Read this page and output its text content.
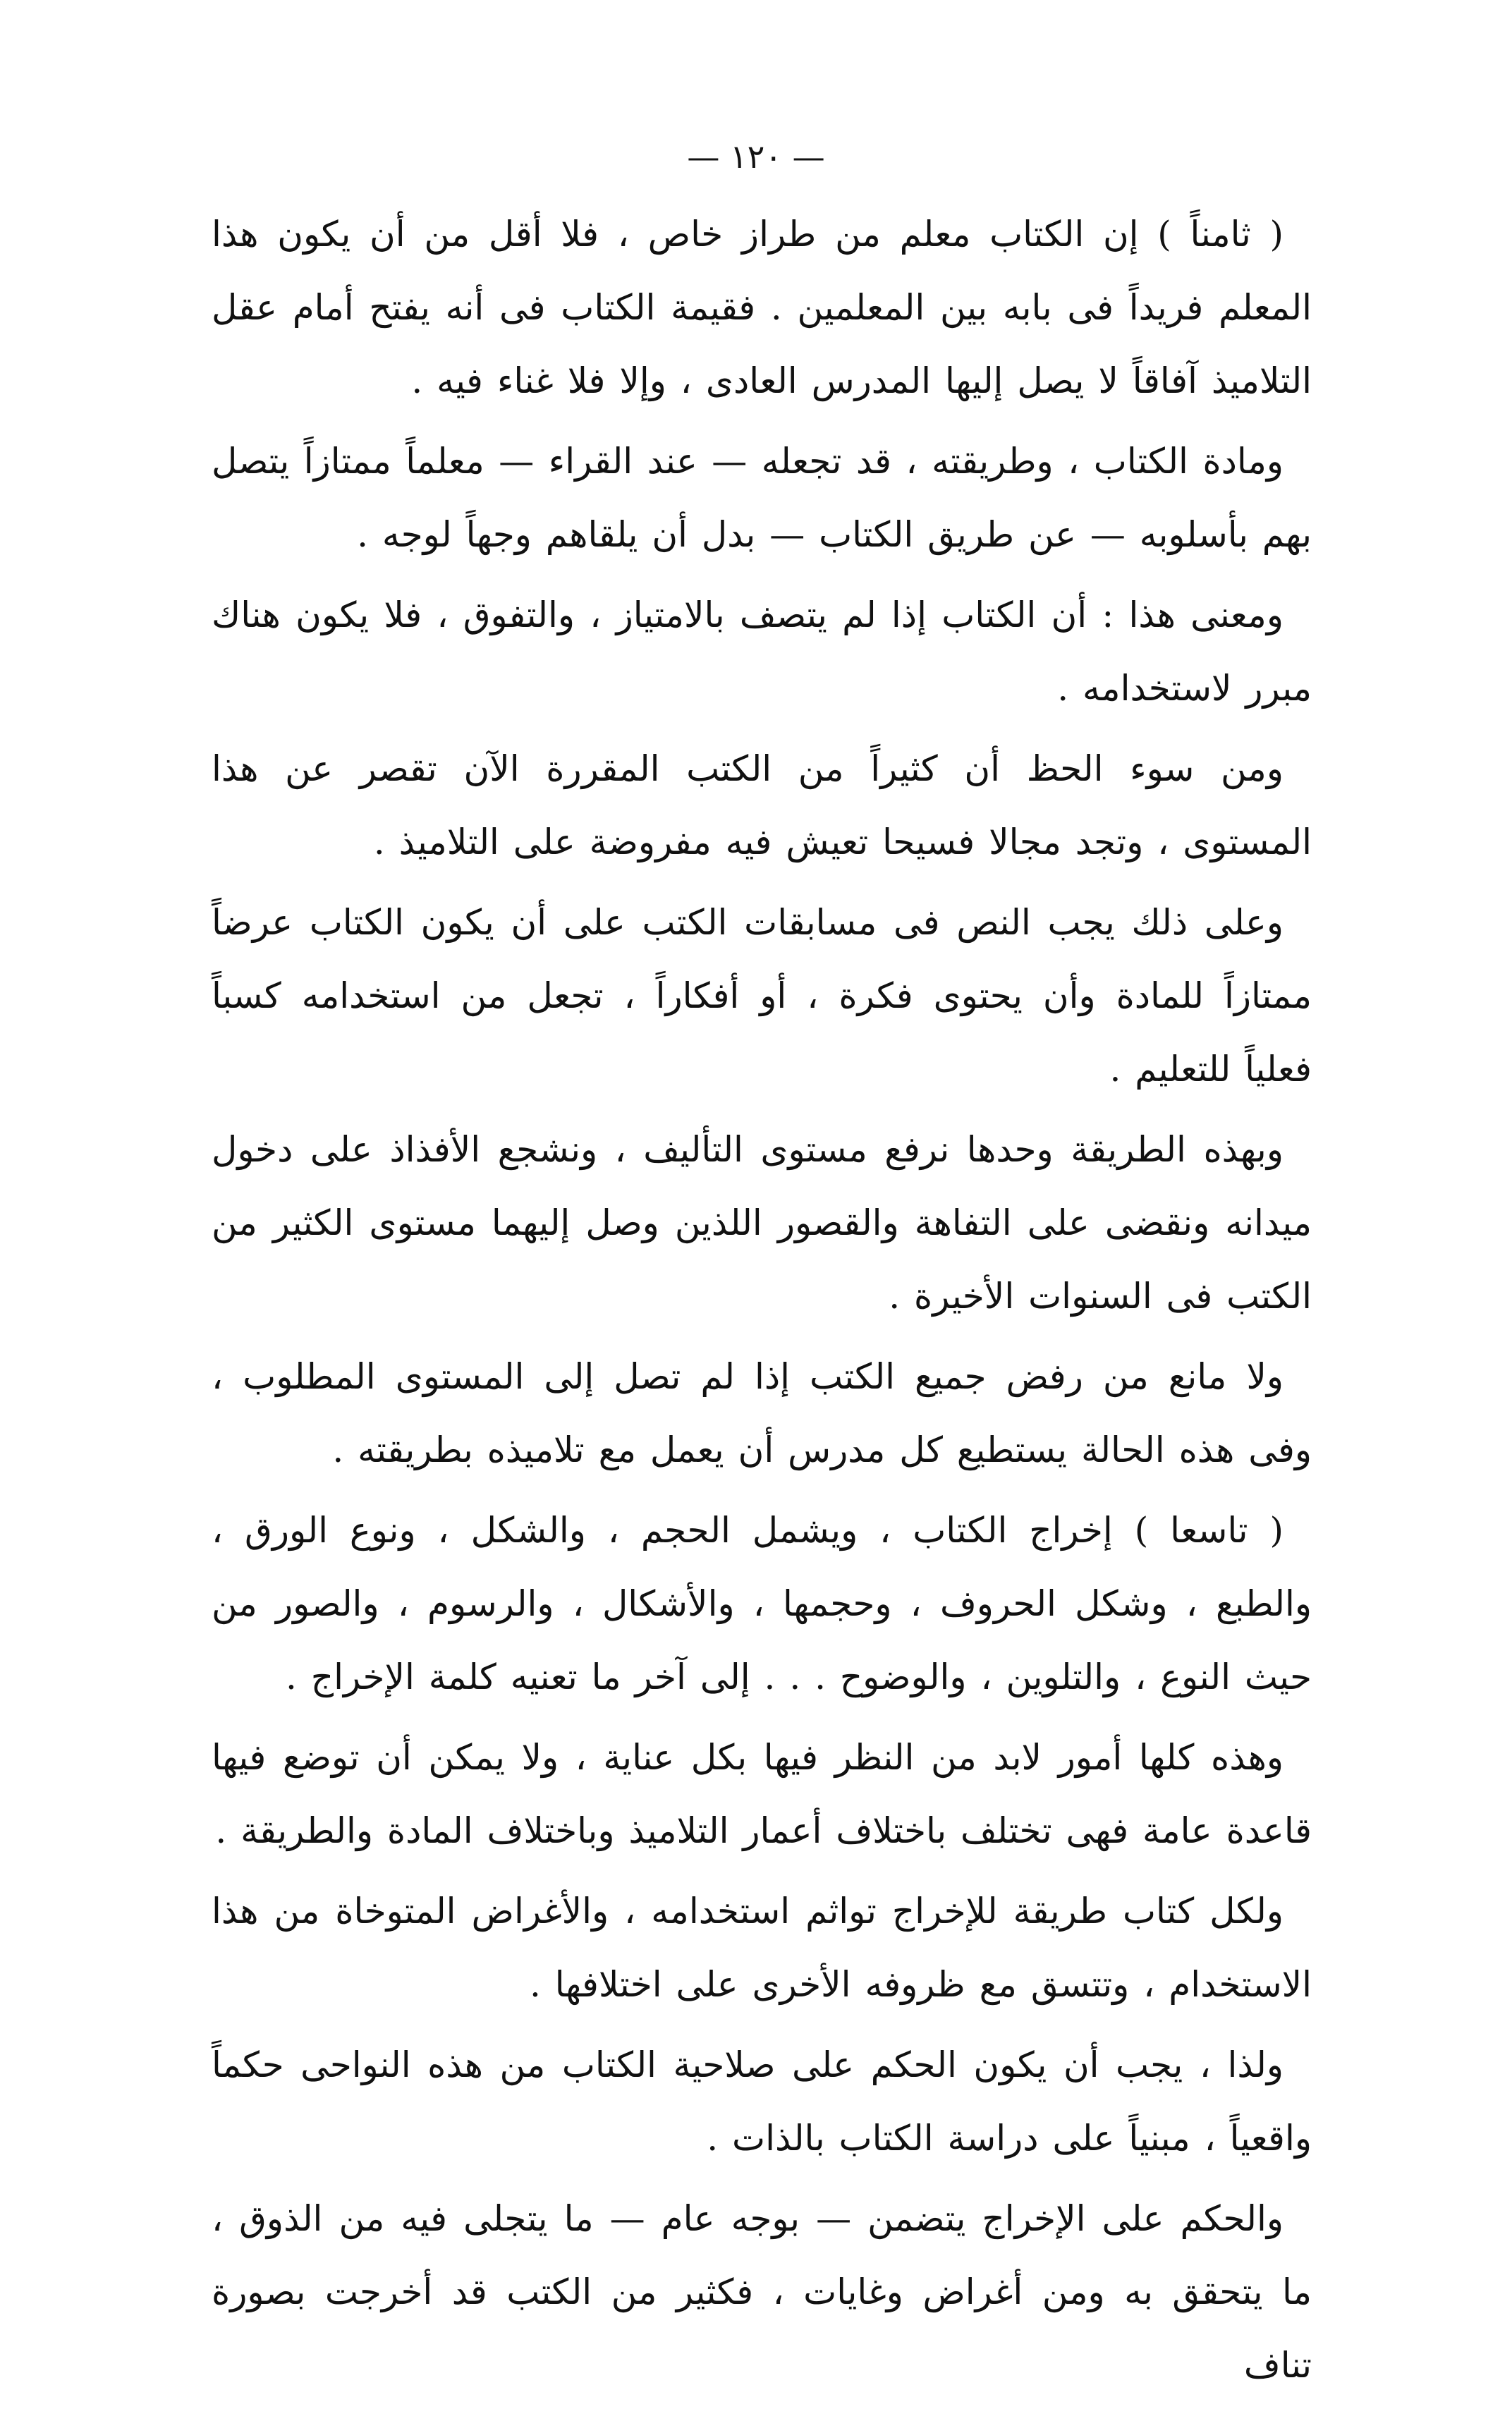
— ١٢٠ —

( ثامناً ) إن الكتاب معلم من طراز خاص ، فلا أقل من أن يكون هذا المعلم فريداً فى بابه بين المعلمين . فقيمة الكتاب فى أنه يفتح أمام عقل التلاميذ آفاقاً لا يصل إليها المدرس العادى ، وإلا فلا غناء فيه .

ومادة الكتاب ، وطريقته ، قد تجعله — عند القراء — معلماً ممتازاً يتصل بهم بأسلوبه — عن طريق الكتاب — بدل أن يلقاهم وجهاً لوجه .

ومعنى هذا : أن الكتاب إذا لم يتصف بالامتياز ، والتفوق ، فلا يكون هناك مبرر لاستخدامه .

ومن سوء الحظ أن كثيراً من الكتب المقررة الآن تقصر عن هذا المستوى ، وتجد مجالا فسيحا تعيش فيه مفروضة على التلاميذ .

وعلى ذلك يجب النص فى مسابقات الكتب على أن يكون الكتاب عرضاً ممتازاً للمادة وأن يحتوى فكرة ، أو أفكاراً ، تجعل من استخدامه كسباً فعلياً للتعليم .

وبهذه الطريقة وحدها نرفع مستوى التأليف ، ونشجع الأفذاذ على دخول ميدانه ونقضى على التفاهة والقصور اللذين وصل إليهما مستوى الكثير من الكتب فى السنوات الأخيرة .

ولا مانع من رفض جميع الكتب إذا لم تصل إلى المستوى المطلوب ، وفى هذه الحالة يستطيع كل مدرس أن يعمل مع تلاميذه بطريقته .

( تاسعا ) إخراج الكتاب ، ويشمل الحجم ، والشكل ، ونوع الورق ، والطبع ، وشكل الحروف ، وحجمها ، والأشكال ، والرسوم ، والصور من حيث النوع ، والتلوين ، والوضوح . . . إلى آخر ما تعنيه كلمة الإخراج .

وهذه كلها أمور لابد من النظر فيها بكل عناية ، ولا يمكن أن توضع فيها قاعدة عامة فهى تختلف باختلاف أعمار التلاميذ وباختلاف المادة والطريقة .

ولكل كتاب طريقة للإخراج تواثم استخدامه ، والأغراض المتوخاة من هذا الاستخدام ، وتتسق مع ظروفه الأخرى على اختلافها .

ولذا ، يجب أن يكون الحكم على صلاحية الكتاب من هذه النواحى حكماً واقعياً ، مبنياً على دراسة الكتاب بالذات .

والحكم على الإخراج يتضمن — بوجه عام — ما يتجلى فيه من الذوق ، ما يتحقق به ومن أغراض وغايات ، فكثير من الكتب قد أخرجت بصورة تناف
